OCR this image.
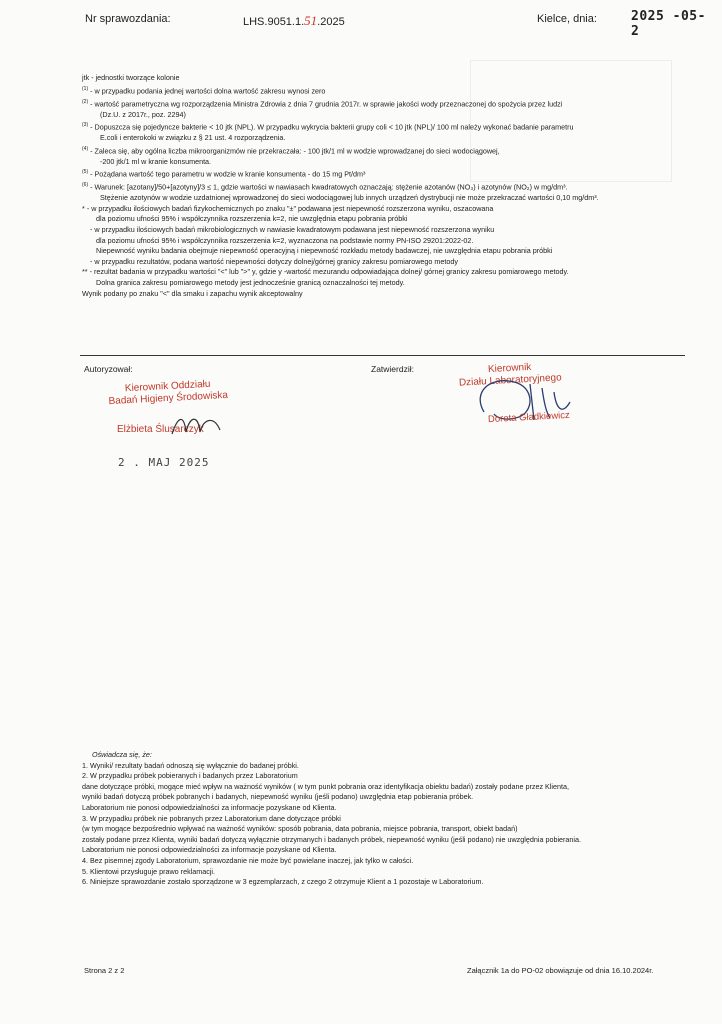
Nr sprawozdania:	LHS.9051.1.51.2025	Kielce, dnia:	2025 -05- 2
jtk - jednostki tworzące kolonie
$^{(1)}$ - w przypadku podania jednej wartości dolna wartość zakresu wynosi zero
$^{(2)}$ - wartość parametryczna wg rozporządzenia Ministra Zdrowia z dnia 7 grudnia 2017r. w sprawie jakości wody przeznaczonej do spożycia przez ludzi
(Dz.U. z 2017r., poz. 2294)
$^{(3)}$ - Dopuszcza się pojedyncze bakterie < 10 jtk (NPL). W przypadku wykrycia bakterii grupy coli < 10 jtk (NPL)/ 100 ml należy wykonać badanie parametru
E.coli i enterokoki w związku z § 21 ust. 4 rozporządzenia.
$^{(4)}$ - Zaleca się, aby ogólna liczba mikroorganizmów nie przekraczała: - 100 jtk/1 ml w wodzie wprowadzanej do sieci wodociągowej,
-200 jtk/1 ml w kranie konsumenta.
$^{(5)}$ - Pożądana wartość tego parametru w wodzie w kranie konsumenta - do 15 mg Pt/dm³
$^{(6)}$ - Warunek: [azotany]/50+[azotyny]/3 ≤ 1, gdzie wartości w nawiasach kwadratowych oznaczają: stężenie azotanów (NO₃) i azotynów (NO₂) w mg/dm³.
Stężenie azotynów w wodzie uzdatnionej wprowadzonej do sieci wodociągowej lub innych urządzeń dystrybucji nie może przekraczać wartości 0,10 mg/dm³.
* - w przypadku ilościowych badań fizykochemicznych po znaku "±" podawana jest niepewność rozszerzona wyniku, oszacowana
dla poziomu ufności 95% i współczynnika rozszerzenia k=2, nie uwzględnia etapu pobrania próbki
- w przypadku ilościowych badań mikrobiologicznych w nawiasie kwadratowym podawana jest niepewność rozszerzona wyniku
dla poziomu ufności 95% i współczynnika rozszerzenia k=2, wyznaczona na podstawie normy PN-ISO 29201:2022-02.
Niepewność wyniku badania obejmuje niepewność operacyjną i niepewność rozkładu metody badawczej, nie uwzględnia etapu pobrania próbki
- w przypadku rezultatów, podana wartość niepewności dotyczy dolnej/górnej granicy zakresu pomiarowego metody
** - rezultat badania w przypadku wartości "<" lub ">" y, gdzie y -wartość mezurandu odpowiadająca dolnej/ górnej granicy zakresu pomiarowego metody.
Dolna granica zakresu pomiarowego metody jest jednocześnie granicą oznaczalności tej metody.
Wynik podany po znaku "<" dla smaku i zapachu wynik akceptowalny
Autoryzował:
Kierownik Oddziału
Badań Higieny Środowiska
Elżbieta Ślusarczyk
2 . MAJ 2025
Zatwierdził:	Kierownik
Działu Laboratoryjnego
Dorota Gładkiewicz
Oświadcza się, że:
1. Wyniki/ rezultaty badań odnoszą się wyłącznie do badanej próbki.
2. W przypadku próbek pobieranych i badanych przez Laboratorium
dane dotyczące próbki, mogące mieć wpływ na ważność wyników ( w tym punkt pobrania oraz identyfikacja obiektu badań) zostały podane przez Klienta,
wyniki badań dotyczą próbek pobranych i badanych, niepewność wyniku (jeśli podano) uwzględnia etap pobierania próbek.
Laboratorium nie ponosi odpowiedzialności za informacje pozyskane od Klienta.
3. W przypadku próbek nie pobranych przez Laboratorium dane dotyczące próbki
(w tym mogące bezpośrednio wpływać na ważność wyników: sposób pobrania, data pobrania, miejsce pobrania, transport, obiekt badań)
zostały podane przez Klienta, wyniki badań dotyczą wyłącznie otrzymanych i badanych próbek, niepewność wyniku (jeśli podano) nie uwzględnia pobierania.
Laboratorium nie ponosi odpowiedzialności za informacje pozyskane od Klienta.
4. Bez pisemnej zgody Laboratorium, sprawozdanie nie może być powielane inaczej, jak tylko w całości.
5. Klientowi przysługuje prawo reklamacji.
6. Niniejsze sprawozdanie zostało sporządzone w 3 egzemplarzach, z czego 2 otrzymuje Klient a 1 pozostaje w Laboratorium.
Strona 2 z 2	Załącznik 1a do PO-02 obowiązuje od dnia 16.10.2024r.
